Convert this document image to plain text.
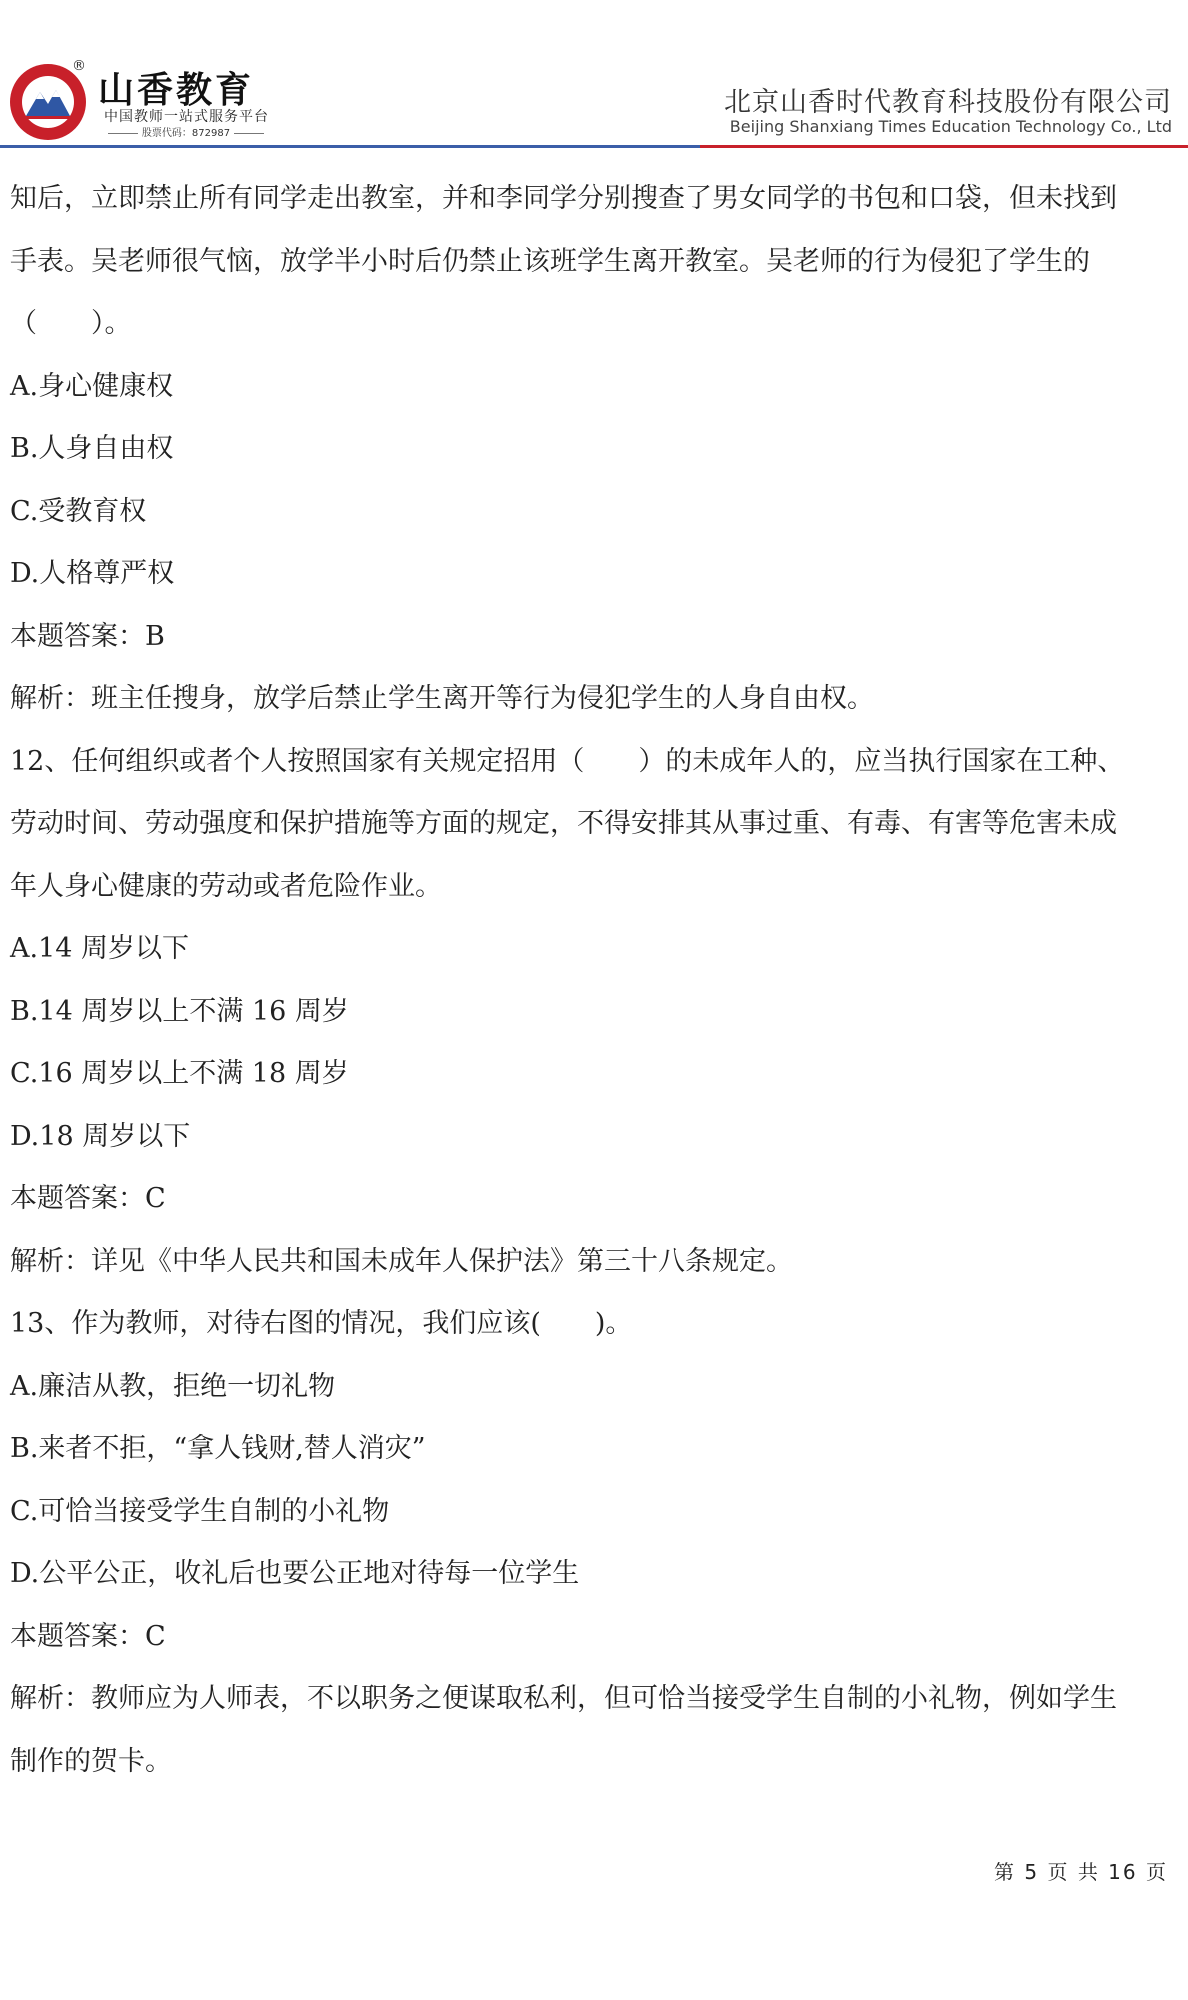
®
山香教育
中国教师一站式服务平台
股票代码：872987
北京山香时代教育科技股份有限公司
Beijing Shanxiang Times Education Technology Co., Ltd
知后，立即禁止所有同学走出教室，并和李同学分别搜查了男女同学的书包和口袋，但未找到
手表。吴老师很气恼，放学半小时后仍禁止该班学生离开教室。吴老师的行为侵犯了学生的
（　　）。
A.身心健康权
B.人身自由权
C.受教育权
D.人格尊严权
本题答案：B
解析：班主任搜身，放学后禁止学生离开等行为侵犯学生的人身自由权。
12、任何组织或者个人按照国家有关规定招用（　　）的未成年人的，应当执行国家在工种、
劳动时间、劳动强度和保护措施等方面的规定，不得安排其从事过重、有毒、有害等危害未成
年人身心健康的劳动或者危险作业。
A.14 周岁以下
B.14 周岁以上不满 16 周岁
C.16 周岁以上不满 18 周岁
D.18 周岁以下
本题答案：C
解析：详见《中华人民共和国未成年人保护法》第三十八条规定。
13、作为教师，对待右图的情况，我们应该(　　)。
A.廉洁从教，拒绝一切礼物
B.来者不拒，“拿人钱财,替人消灾”
C.可恰当接受学生自制的小礼物
D.公平公正，收礼后也要公正地对待每一位学生
本题答案：C
解析：教师应为人师表，不以职务之便谋取私利，但可恰当接受学生自制的小礼物，例如学生
制作的贺卡。
第 5 页 共 16 页
